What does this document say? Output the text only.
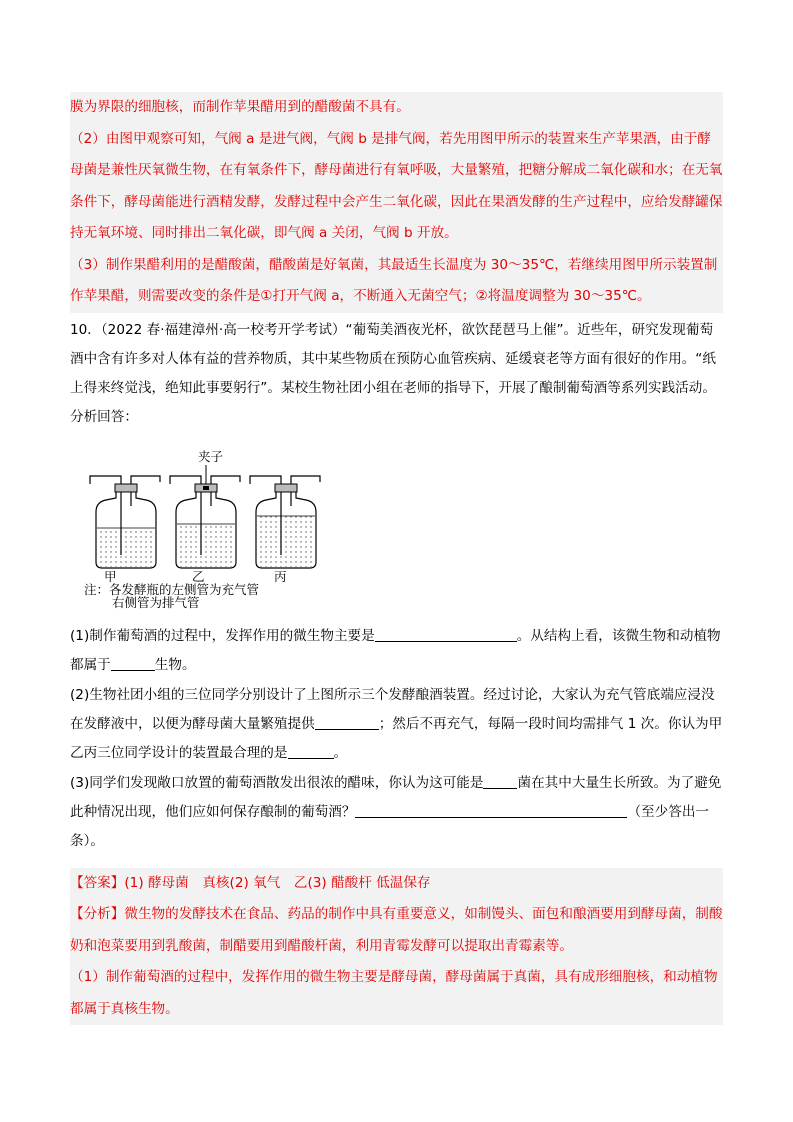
膜为界限的细胞核，而制作苹果醋用到的醋酸菌不具有。

（2）由图甲观察可知，气阀 a 是进气阀，气阀 b 是排气阀，若先用图甲所示的装置来生产苹果酒，由于酵母菌是兼性厌氧微生物，在有氧条件下，酵母菌进行有氧呼吸，大量繁殖，把糖分解成二氧化碳和水；在无氧条件下，酵母菌能进行酒精发酵，发酵过程中会产生二氧化碳，因此在果酒发酵的生产过程中，应给发酵罐保持无氧环境、同时排出二氧化碳，即气阀 a 关闭，气阀 b 开放。

（3）制作果醋利用的是醋酸菌，醋酸菌是好氧菌，其最适生长温度为 30～35℃，若继续用图甲所示装置制作苹果醋，则需要改变的条件是①打开气阀 a，不断通入无菌空气；②将温度调整为 30～35℃。

10．（2022 春·福建漳州·高一校考开学考试）“葡萄美酒夜光杯，欲饮琵琶马上催”。近些年，研究发现葡萄酒中含有许多对人体有益的营养物质，其中某些物质在预防心血管疾病、延缓衰老等方面有很好的作用。“纸上得来终觉浅，绝知此事要躬行”。某校生物社团小组在老师的指导下，开展了酿制葡萄酒等系列实践活动。分析回答：

夹子
甲	乙	丙
注：各发酵瓶的左侧管为充气管
右侧管为排气管

(1)制作葡萄酒的过程中，发挥作用的微生物主要是	。从结构上看，该微生物和动植物都属于	生物。

(2)生物社团小组的三位同学分别设计了上图所示三个发酵酿酒装置。经过讨论，大家认为充气管底端应浸没在发酵液中，以便为酵母菌大量繁殖提供	；然后不再充气，每隔一段时间均需排气 1 次。你认为甲乙丙三位同学设计的装置最合理的是	。

(3)同学们发现敞口放置的葡萄酒散发出很浓的醋味，你认为这可能是	菌在其中大量生长所致。为了避免此种情况出现，他们应如何保存酿制的葡萄酒？	（至少答出一条）。

【答案】(1) 酵母菌　真核(2) 氧气　乙(3) 醋酸杆 低温保存

【分析】微生物的发酵技术在食品、药品的制作中具有重要意义，如制馒头、面包和酿酒要用到酵母菌，制酸奶和泡菜要用到乳酸菌，制醋要用到醋酸杆菌，利用青霉发酵可以提取出青霉素等。

（1）制作葡萄酒的过程中，发挥作用的微生物主要是酵母菌，酵母菌属于真菌，具有成形细胞核，和动植物都属于真核生物。
